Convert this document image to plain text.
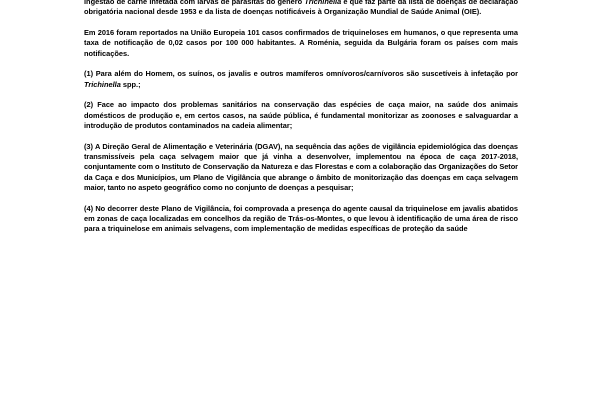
ingestão de carne infetada com larvas de parasitas do género Trichinella e que faz parte da lista de doenças de declaração obrigatória nacional desde 1953 e da lista de doenças notificáveis à Organização Mundial de Saúde Animal (OIE).

Em 2016 foram reportados na União Europeia 101 casos confirmados de triquineloses em humanos, o que representa uma taxa de notificação de 0,02 casos por 100 000 habitantes. A Roménia, seguida da Bulgária foram os países com mais notificações.

(1) Para além do Homem, os suínos, os javalis e outros mamíferos omnívoros/carnívoros são suscetíveis à infetação por Trichinella spp.;

(2) Face ao impacto dos problemas sanitários na conservação das espécies de caça maior, na saúde dos animais domésticos de produção e, em certos casos, na saúde pública, é fundamental monitorizar as zoonoses e salvaguardar a introdução de produtos contaminados na cadeia alimentar;

(3) A Direção Geral de Alimentação e Veterinária (DGAV), na sequência das ações de vigilância epidemiológica das doenças transmissíveis pela caça selvagem maior que já vinha a desenvolver, implementou na época de caça 2017-2018, conjuntamente com o Instituto de Conservação da Natureza e das Florestas e com a colaboração das Organizações do Setor da Caça e dos Municípios, um Plano de Vigilância que abrange o âmbito de monitorização das doenças em caça selvagem maior, tanto no aspeto geográfico como no conjunto de doenças a pesquisar;

(4) No decorrer deste Plano de Vigilância, foi comprovada a presença do agente causal da triquinelose em javalis abatidos em zonas de caça localizadas em concelhos da região de Trás-os-Montes, o que levou à identificação de uma área de risco para a triquinelose em animais selvagens, com implementação de medidas específicas de proteção da saúde
